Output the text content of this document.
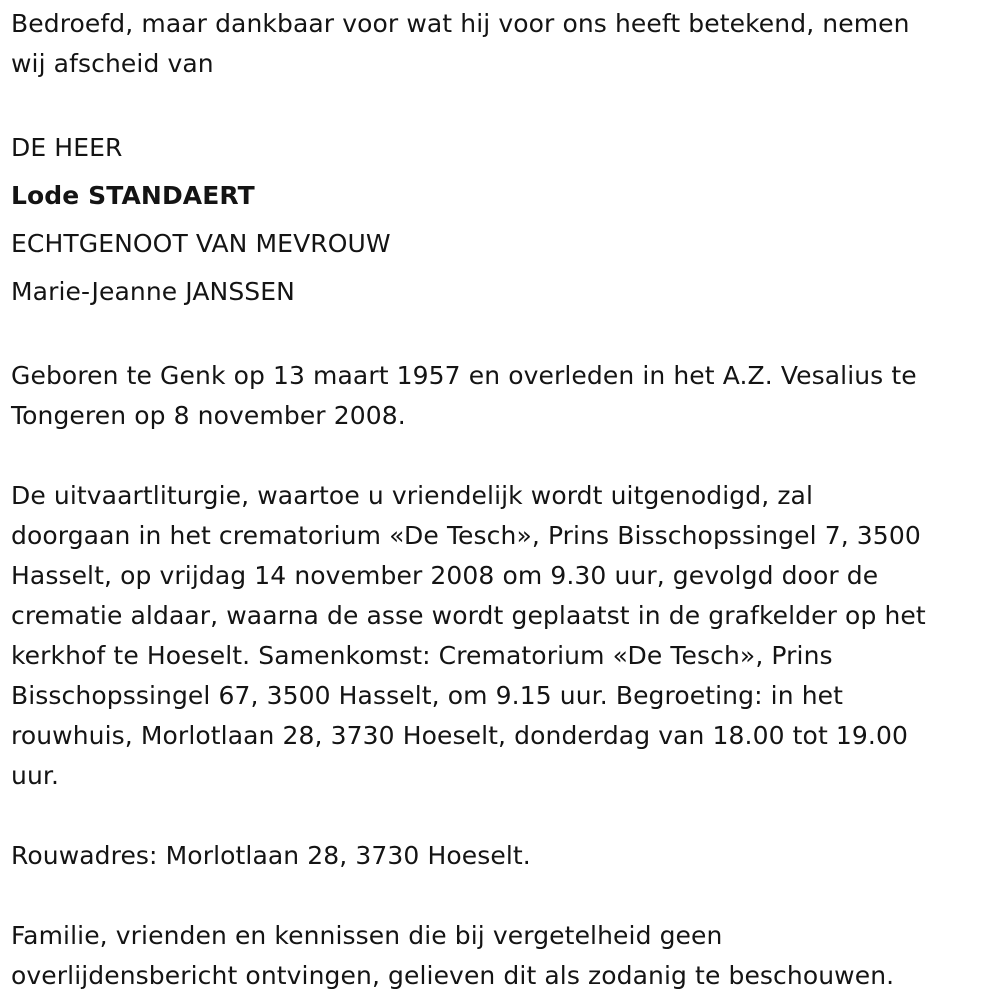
Bedroefd, maar dankbaar voor wat hij voor ons heeft betekend, nemen
wij afscheid van

DE HEER

Lode STANDAERT

ECHTGENOOT VAN MEVROUW

Marie-Jeanne JANSSEN

Geboren te Genk op 13 maart 1957 en overleden in het A.Z. Vesalius te
Tongeren op 8 november 2008.

De uitvaartliturgie, waartoe u vriendelijk wordt uitgenodigd, zal
doorgaan in het crematorium «De Tesch», Prins Bisschopssingel 7, 3500
Hasselt, op vrijdag 14 november 2008 om 9.30 uur, gevolgd door de
crematie aldaar, waarna de asse wordt geplaatst in de grafkelder op het
kerkhof te Hoeselt. Samenkomst: Crematorium «De Tesch», Prins
Bisschopssingel 67, 3500 Hasselt, om 9.15 uur. Begroeting: in het
rouwhuis, Morlotlaan 28, 3730 Hoeselt, donderdag van 18.00 tot 19.00
uur.

Rouwadres: Morlotlaan 28, 3730 Hoeselt.

Familie, vrienden en kennissen die bij vergetelheid geen
overlijdensbericht ontvingen, gelieven dit als zodanig te beschouwen.
